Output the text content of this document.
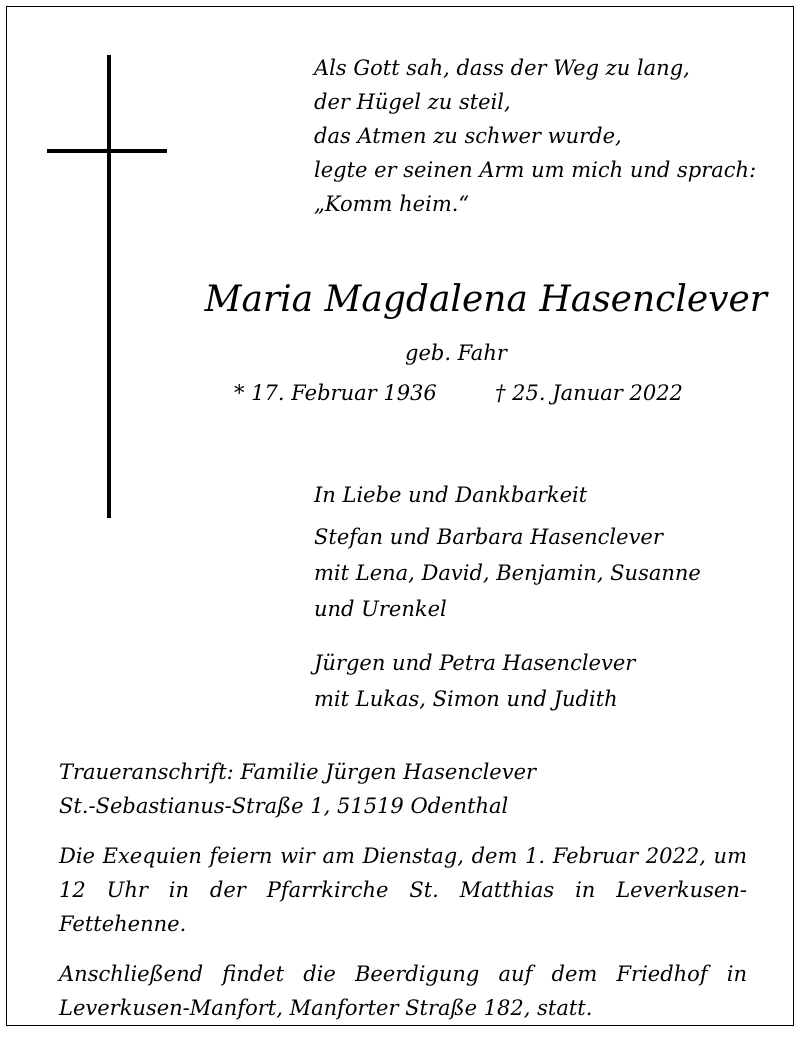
Als Gott sah, dass der Weg zu lang,
der Hügel zu steil,
das Atmen zu schwer wurde,
legte er seinen Arm um mich und sprach:
„Komm heim.“
Maria Magdalena Hasenclever
geb. Fahr
* 17. Februar 1936	† 25. Januar 2022
In Liebe und Dankbarkeit
Stefan und Barbara Hasenclever
mit Lena, David, Benjamin, Susanne
und Urenkel
Jürgen und Petra Hasenclever
mit Lukas, Simon und Judith
Traueranschrift: Familie Jürgen Hasenclever
St.-Sebastianus-Straße 1, 51519 Odenthal
Die Exequien feiern wir am Dienstag, dem 1. Februar 2022, um 12 Uhr in der Pfarrkirche St. Matthias in Leverkusen-Fettehenne.
Anschließend findet die Beerdigung auf dem Friedhof in Leverkusen-Manfort, Manforter Straße 182, statt.
